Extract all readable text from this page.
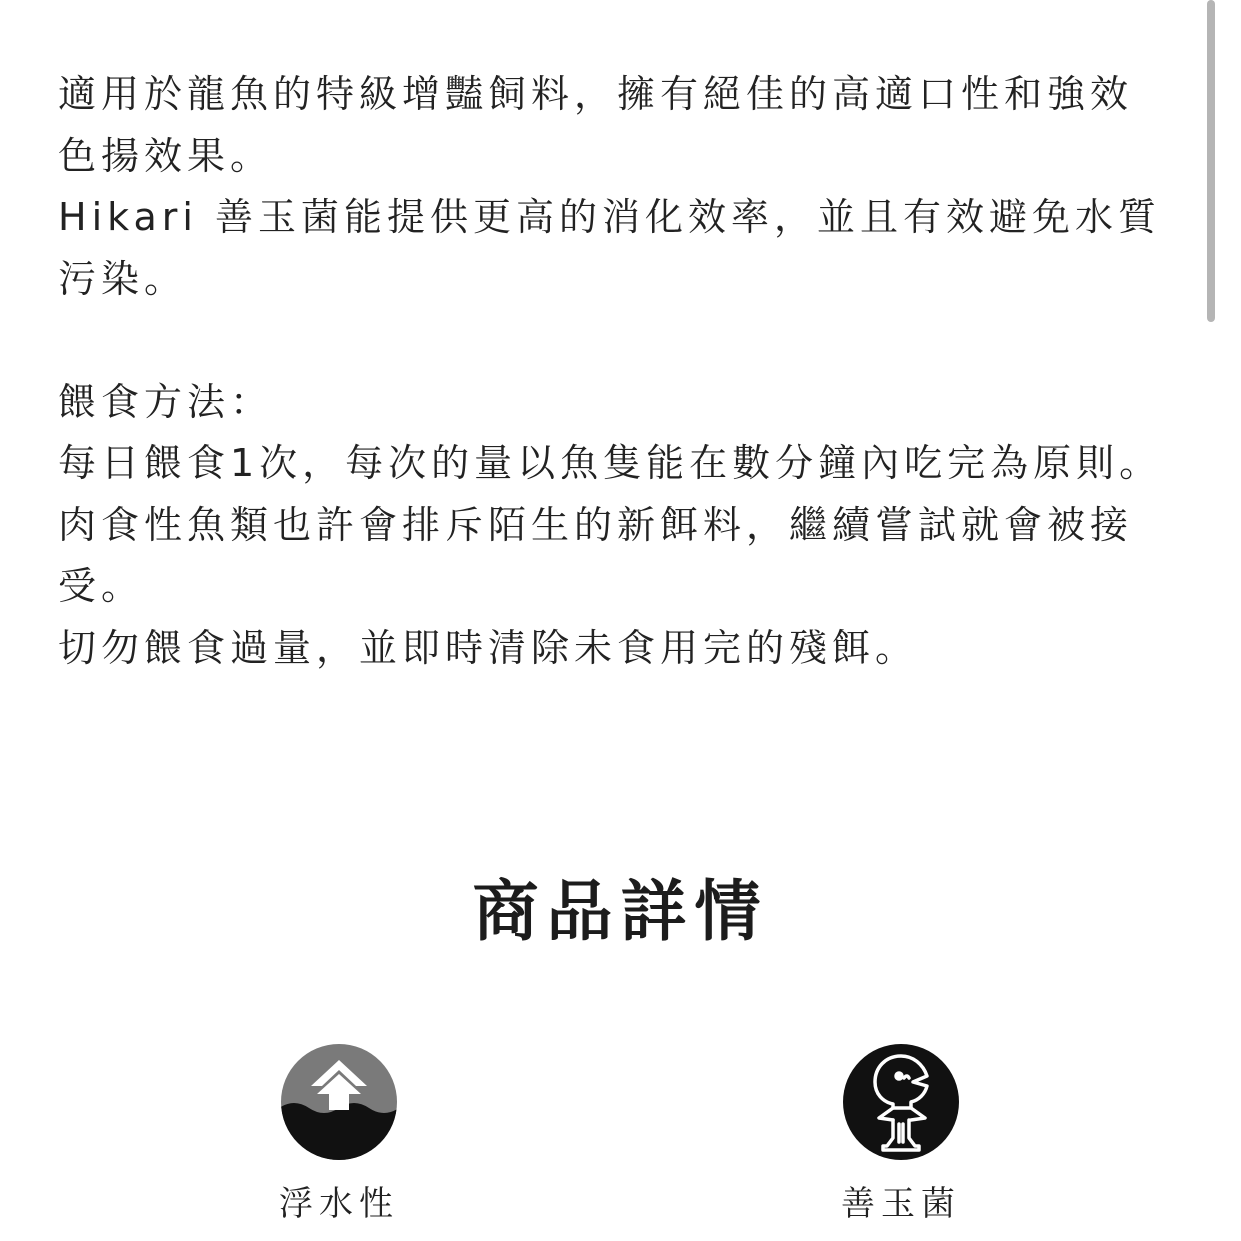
適用於龍魚的特級增豔飼料，擁有絕佳的高適口性和強效色揚效果。

Hikari 善玉菌能提供更高的消化效率，並且有效避免水質污染。

餵食方法：

每日餵食1次，每次的量以魚隻能在數分鐘內吃完為原則。

肉食性魚類也許會排斥陌生的新餌料，繼續嘗試就會被接受。

切勿餵食過量，並即時清除未食用完的殘餌。

商品詳情
浮水性	善玉菌
